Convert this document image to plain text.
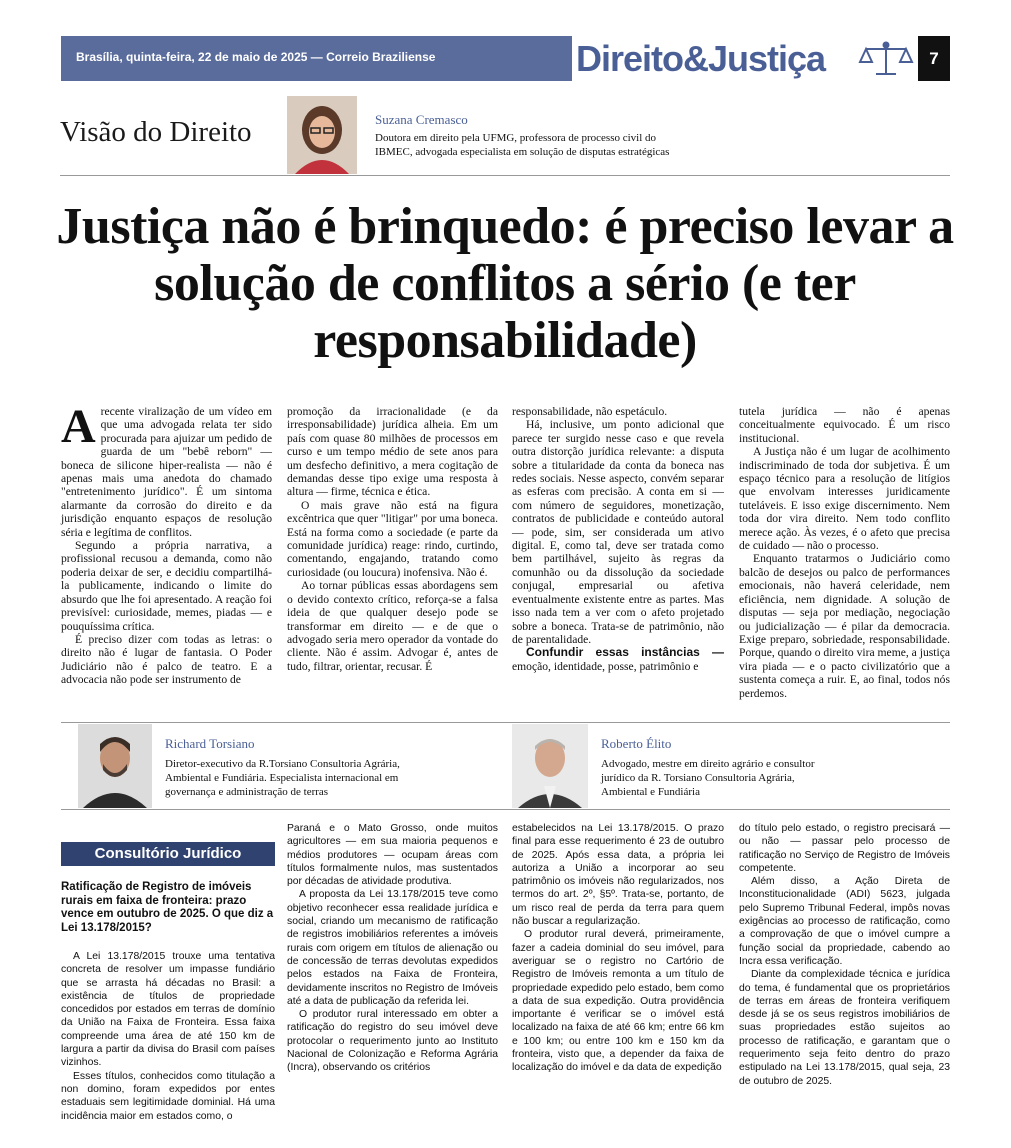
Brasília, quinta-feira, 22 de maio de 2025 — Correio Braziliense	Direito&Justiça	7
Visão do Direito	Suzana Cremasco
Doutora em direito pela UFMG, professora de processo civil do IBMEC, advogada especialista em solução de disputas estratégicas
Justiça não é brinquedo: é preciso levar a solução de conflitos a sério (e ter responsabilidade)

A recente viralização de um vídeo em que uma advogada relata ter sido procurada para ajuizar um pedido de guarda de um "bebê reborn" — boneca de silicone hiper-realista — não é apenas mais uma anedota do chamado "entretenimento jurídico". É um sintoma alarmante da corrosão do direito e da jurisdição enquanto espaços de resolução séria e legítima de conflitos.

Segundo a própria narrativa, a profissional recusou a demanda, como não poderia deixar de ser, e decidiu compartilhá-la publicamente, indicando o limite do absurdo que lhe foi apresentado. A reação foi previsível: curiosidade, memes, piadas — e pouquíssima crítica.

É preciso dizer com todas as letras: o direito não é lugar de fantasia. O Poder Judiciário não é palco de teatro. E a advocacia não pode ser instrumento de

promoção da irracionalidade (e da irresponsabilidade) jurídica alheia. Em um país com quase 80 milhões de processos em curso e um tempo médio de sete anos para um desfecho definitivo, a mera cogitação de demandas desse tipo exige uma resposta à altura — firme, técnica e ética.

O mais grave não está na figura excêntrica que quer "litigar" por uma boneca. Está na forma como a sociedade (e parte da comunidade jurídica) reage: rindo, curtindo, comentando, engajando, tratando como curiosidade (ou loucura) inofensiva. Não é.

Ao tornar públicas essas abordagens sem o devido contexto crítico, reforça-se a falsa ideia de que qualquer desejo pode se transformar em direito — e de que o advogado seria mero operador da vontade do cliente. Não é assim. Advogar é, antes de tudo, filtrar, orientar, recusar. É

responsabilidade, não espetáculo.

Há, inclusive, um ponto adicional que parece ter surgido nesse caso e que revela outra distorção jurídica relevante: a disputa sobre a titularidade da conta da boneca nas redes sociais. Nesse aspecto, convém separar as esferas com precisão. A conta em si — com número de seguidores, monetização, contratos de publicidade e conteúdo autoral — pode, sim, ser considerada um ativo digital. E, como tal, deve ser tratada como bem partilhável, sujeito às regras da comunhão ou da dissolução da sociedade conjugal, empresarial ou afetiva eventualmente existente entre as partes. Mas isso nada tem a ver com o afeto projetado sobre a boneca. Trata-se de patrimônio, não de parentalidade.

Confundir essas instâncias — emoção, identidade, posse, patrimônio e

tutela jurídica — não é apenas conceitualmente equivocado. É um risco institucional.

A Justiça não é um lugar de acolhimento indiscriminado de toda dor subjetiva. É um espaço técnico para a resolução de litígios que envolvam interesses juridicamente tuteláveis. E isso exige discernimento. Nem toda dor vira direito. Nem todo conflito merece ação. Às vezes, é o afeto que precisa de cuidado — não o processo.

Enquanto tratarmos o Judiciário como balcão de desejos ou palco de performances emocionais, não haverá celeridade, nem eficiência, nem dignidade. A solução de disputas — seja por mediação, negociação ou judicialização — é pilar da democracia. Exige preparo, sobriedade, responsabilidade. Porque, quando o direito vira meme, a justiça vira piada — e o pacto civilizatório que a sustenta começa a ruir. E, ao final, todos nós perdemos.

Richard Torsiano
Diretor-executivo da R.Torsiano Consultoria Agrária, Ambiental e Fundiária. Especialista internacional em governança e administração de terras
Roberto Élito
Advogado, mestre em direito agrário e consultor jurídico da R. Torsiano Consultoria Agrária, Ambiental e Fundiária
Consultório Jurídico
Ratificação de Registro de imóveis rurais em faixa de fronteira: prazo vence em outubro de 2025. O que diz a Lei 13.178/2015?

A Lei 13.178/2015 trouxe uma tentativa concreta de resolver um impasse fundiário que se arrasta há décadas no Brasil: a existência de títulos de propriedade concedidos por estados em terras de domínio da União na Faixa de Fronteira. Essa faixa compreende uma área de até 150 km de largura a partir da divisa do Brasil com países vizinhos.

Esses títulos, conhecidos como titulação a non domino, foram expedidos por entes estaduais sem legitimidade dominial. Há uma incidência maior em estados como, o

Paraná e o Mato Grosso, onde muitos agricultores — em sua maioria pequenos e médios produtores — ocupam áreas com títulos formalmente nulos, mas sustentados por décadas de atividade produtiva.

A proposta da Lei 13.178/2015 teve como objetivo reconhecer essa realidade jurídica e social, criando um mecanismo de ratificação de registros imobiliários referentes a imóveis rurais com origem em títulos de alienação ou de concessão de terras devolutas expedidos pelos estados na Faixa de Fronteira, devidamente inscritos no Registro de Imóveis até a data de publicação da referida lei.

O produtor rural interessado em obter a ratificação do registro do seu imóvel deve protocolar o requerimento junto ao Instituto Nacional de Colonização e Reforma Agrária (Incra), observando os critérios

estabelecidos na Lei 13.178/2015. O prazo final para esse requerimento é 23 de outubro de 2025. Após essa data, a própria lei autoriza a União a incorporar ao seu patrimônio os imóveis não regularizados, nos termos do art. 2º, §5º. Trata-se, portanto, de um risco real de perda da terra para quem não buscar a regularização.

O produtor rural deverá, primeiramente, fazer a cadeia dominial do seu imóvel, para averiguar se o registro no Cartório de Registro de Imóveis remonta a um título de propriedade expedido pelo estado, bem como a data de sua expedição. Outra providência importante é verificar se o imóvel está localizado na faixa de até 66 km; entre 66 km e 100 km; ou entre 100 km e 150 km da fronteira, visto que, a depender da faixa de localização do imóvel e da data de expedição

do título pelo estado, o registro precisará — ou não — passar pelo processo de ratificação no Serviço de Registro de Imóveis competente.

Além disso, a Ação Direta de Inconstitucionalidade (ADI) 5623, julgada pelo Supremo Tribunal Federal, impôs novas exigências ao processo de ratificação, como a comprovação de que o imóvel cumpre a função social da propriedade, cabendo ao Incra essa verificação.

Diante da complexidade técnica e jurídica do tema, é fundamental que os proprietários de terras em áreas de fronteira verifiquem desde já se os seus registros imobiliários de suas propriedades estão sujeitos ao processo de ratificação, e garantam que o requerimento seja feito dentro do prazo estipulado na Lei 13.178/2015, qual seja, 23 de outubro de 2025.
